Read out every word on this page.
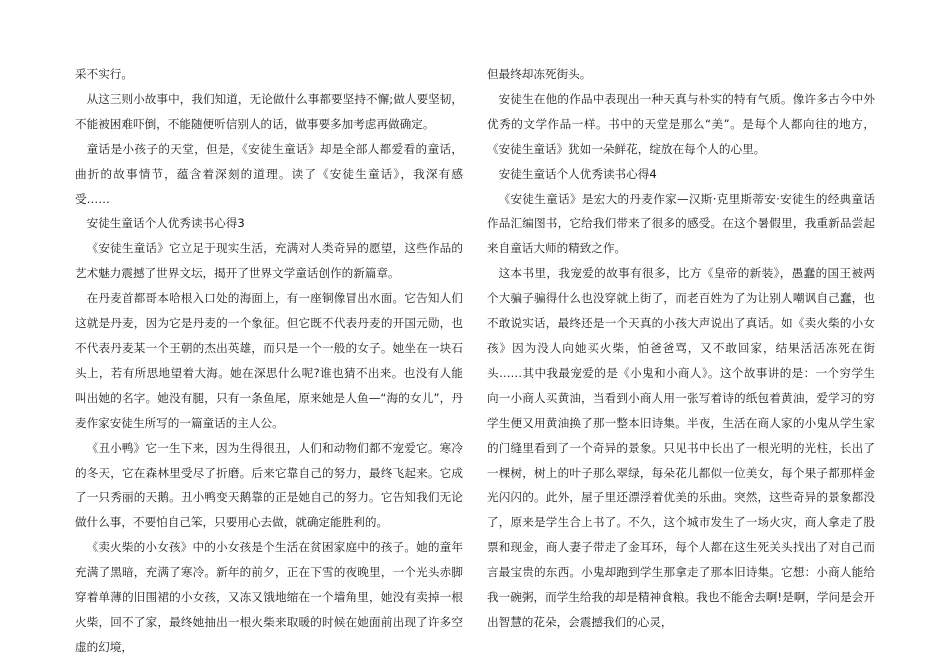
采不实行。

从这三则小故事中，我们知道，无论做什么事都要坚持不懈;做人要坚韧，不能被困难吓倒，不能随便听信别人的话，做事要多加考虑再做确定。

童话是小孩子的天堂，但是，《安徒生童话》却是全部人都爱看的童话，曲折的故事情节，蕴含着深刻的道理。读了《安徒生童话》，我深有感受……

安徒生童话个人优秀读书心得3

《安徒生童话》它立足于现实生活，充满对人类奇异的愿望，这些作品的艺术魅力震撼了世界文坛，揭开了世界文学童话创作的新篇章。

在丹麦首都哥本哈根入口处的海面上，有一座铜像冒出水面。它告知人们这就是丹麦，因为它是丹麦的一个象征。但它既不代表丹麦的开国元勋，也不代表丹麦某一个王朝的杰出英雄，而只是一个一般的女子。她坐在一块石头上，若有所思地望着大海。她在深思什么呢?谁也猜不出来。也没有人能叫出她的名字。她没有腿，只有一条鱼尾，原来她是人鱼—“海的女儿”，丹麦作家安徒生所写的一篇童话的主人公。

《丑小鸭》它一生下来，因为生得很丑，人们和动物们都不宠爱它。寒冷的冬天，它在森林里受尽了折磨。后来它靠自己的努力，最终飞起来。它成了一只秀丽的天鹅。丑小鸭变天鹅靠的正是她自己的努力。它告知我们无论做什么事，不要怕自己笨，只要用心去做，就确定能胜利的。

《卖火柴的小女孩》中的小女孩是个生活在贫困家庭中的孩子。她的童年充满了黑暗，充满了寒冷。新年的前夕，正在下雪的夜晚里，一个光头赤脚穿着单薄的旧围裙的小女孩，又冻又饿地缩在一个墙角里，她没有卖掉一根火柴，回不了家，最终她抽出一根火柴来取暖的时候在她面前出现了许多空虚的幻境，

但最终却冻死街头。

安徒生在他的作品中表现出一种天真与朴实的特有气质。像许多古今中外优秀的文学作品一样。书中的天堂是那么“美”。是每个人都向往的地方，《安徒生童话》犹如一朵鲜花，绽放在每个人的心里。

安徒生童话个人优秀读书心得4

《安徒生童话》是宏大的丹麦作家—汉斯·克里斯蒂安·安徒生的经典童话作品汇编图书，它给我们带来了很多的感受。在这个暑假里，我重新品尝起来自童话大师的精致之作。

这本书里，我宠爱的故事有很多，比方《皇帝的新装》，愚蠢的国王被两个大骗子骗得什么也没穿就上街了，而老百姓为了为让别人嘲讽自己蠢，也不敢说实话，最终还是一个天真的小孩大声说出了真话。如《卖火柴的小女孩》因为没人向她买火柴，怕爸爸骂，又不敢回家，结果活活冻死在街头……其中我最宠爱的是《小鬼和小商人》。这个故事讲的是：一个穷学生向一小商人买黄油，当看到小商人用一张写着诗的纸包着黄油，爱学习的穷学生便又用黄油换了那一整本旧诗集。半夜，生活在商人家的小鬼从学生家的门缝里看到了一个奇异的景象。只见书中长出了一根光明的光柱，长出了一棵树，树上的叶子那么翠绿，每朵花儿都似一位美女，每个果子都那样金光闪闪的。此外，屋子里还漂浮着优美的乐曲。突然，这些奇异的景象都没了，原来是学生合上书了。不久，这个城市发生了一场火灾，商人拿走了股票和现金，商人妻子带走了金耳环，每个人都在这生死关头找出了对自己而言最宝贵的东西。小鬼却跑到学生那拿走了那本旧诗集。它想：小商人能给我一碗粥，而学生给我的却是精神食粮。我也不能舍去啊!是啊，学问是会开出智慧的花朵，会震撼我们的心灵，
